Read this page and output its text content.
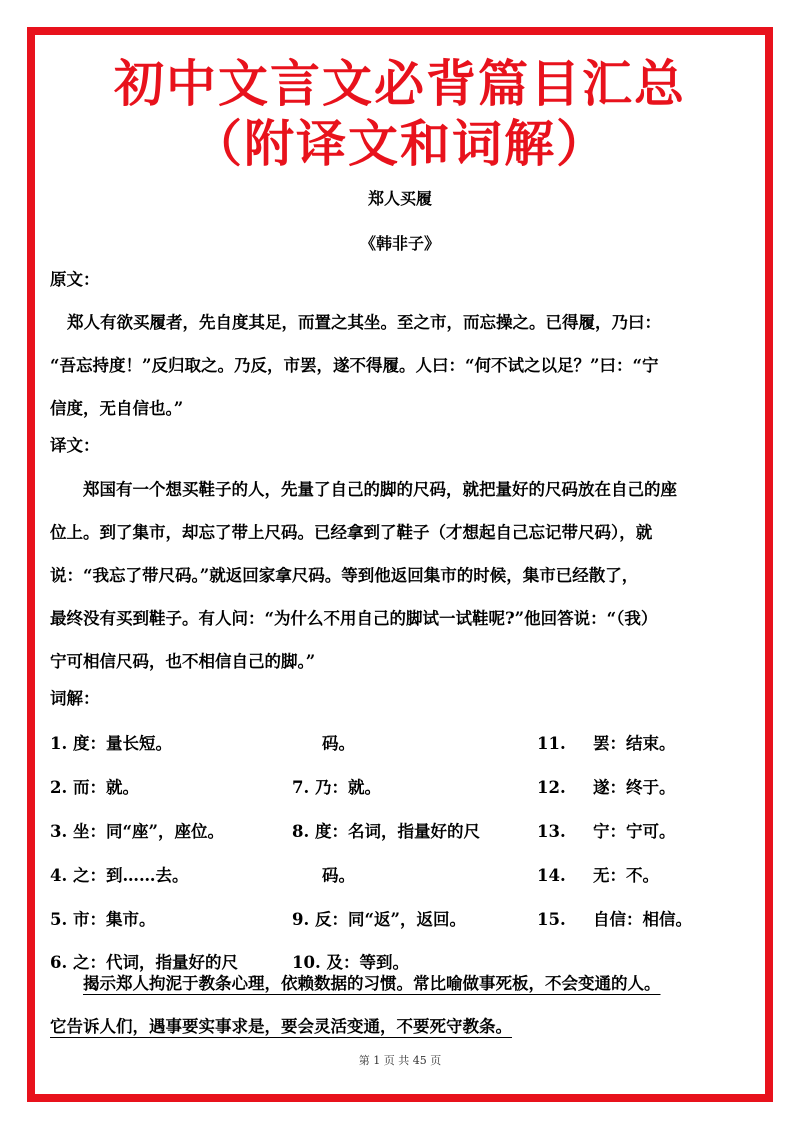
初中文言文必背篇目汇总
（附译文和词解）
郑人买履
《韩非子》
原文：
郑人有欲买履者，先自度其足，而置之其坐。至之市，而忘操之。已得履，乃曰：
“吾忘持度！”反归取之。乃反，市罢，遂不得履。人曰：“何不试之以足？”曰：“宁
信度，无自信也。”
译文：
郑国有一个想买鞋子的人，先量了自己的脚的尺码，就把量好的尺码放在自己的座
位上。到了集市，却忘了带上尺码。已经拿到了鞋子（才想起自己忘记带尺码），就
说：“我忘了带尺码。”就返回家拿尺码。等到他返回集市的时候，集市已经散了，
最终没有买到鞋子。有人问：“为什么不用自己的脚试一试鞋呢?”他回答说：“（我）
宁可相信尺码，也不相信自己的脚。”
词解：
1. 度：量长短。
2. 而：就。
3. 坐：同“座”，座位。
4. 之：到……去。
5. 市：集市。
6. 之：代词，指量好的尺
码。
7. 乃：就。
8. 度：名词，指量好的尺
码。
9. 反：同“返”，返回。
10. 及：等到。
11.
12.
13.
14.
15.
罢：结束。
遂：终于。
宁：宁可。
无：不。
自信：相信。
揭示郑人拘泥于教条心理，依赖数据的习惯。常比喻做事死板，不会变通的人。
它告诉人们，遇事要实事求是，要会灵活变通，不要死守教条。
第 1 页 共 45 页
